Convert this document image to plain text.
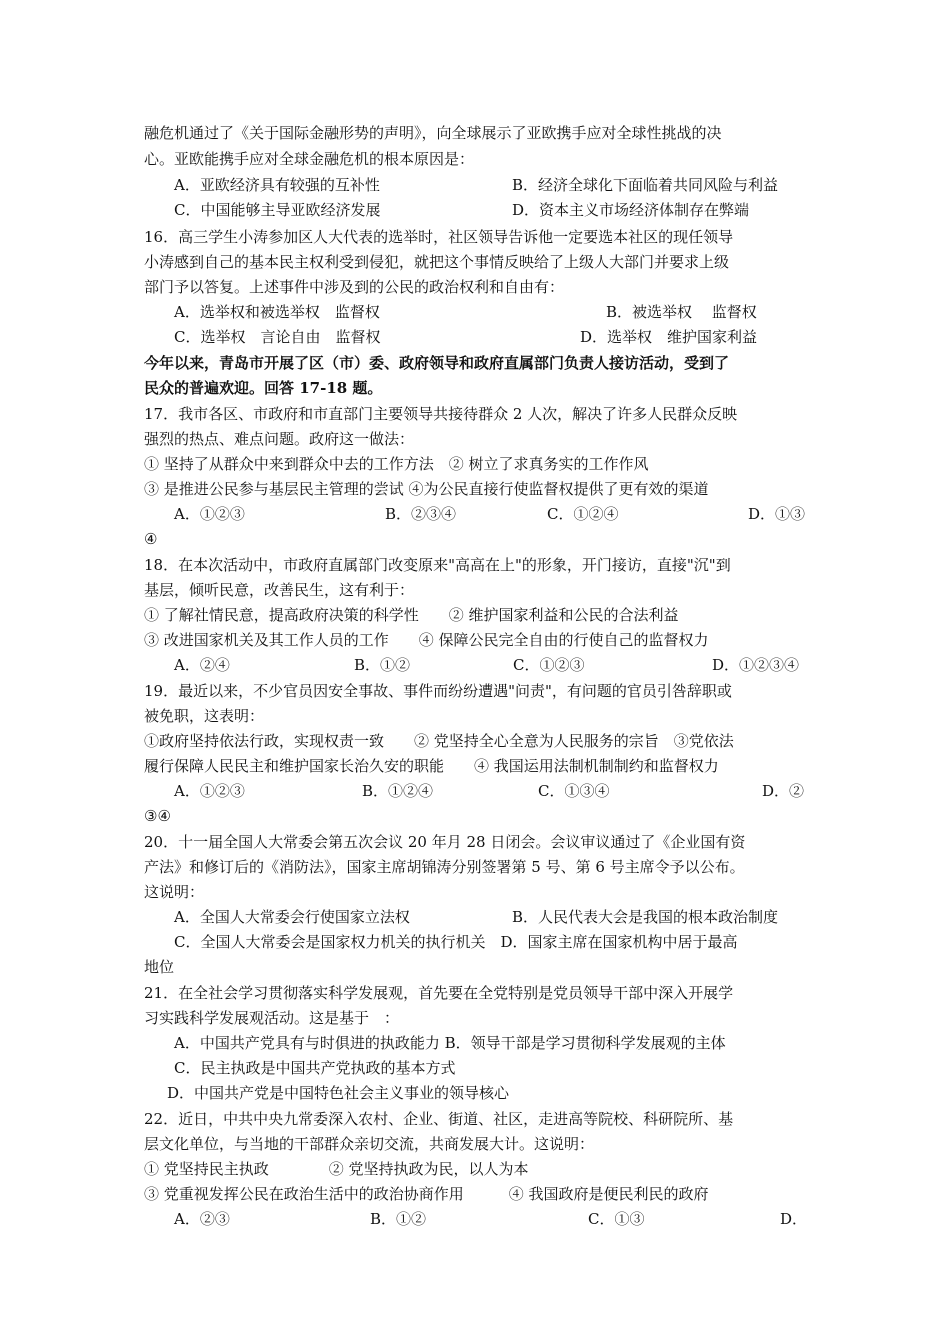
融危机通过了《关于国际金融形势的声明》，向全球展示了亚欧携手应对全球性挑战的决
心。亚欧能携手应对全球金融危机的根本原因是：
A．亚欧经济具有较强的互补性	B．经济全球化下面临着共同风险与利益
C．中国能够主导亚欧经济发展	D．资本主义市场经济体制存在弊端
16．高三学生小涛参加区人大代表的选举时，社区领导告诉他一定要选本社区的现任领导
小涛感到自己的基本民主权利受到侵犯，就把这个事情反映给了上级人大部门并要求上级
部门予以答复。上述事件中涉及到的公民的政治权利和自由有：
A．选举权和被选举权　监督权	B．被选举权　 监督权
C．选举权　言论自由　监督权	D．选举权　维护国家利益
今年以来，青岛市开展了区（市）委、政府领导和政府直属部门负责人接访活动，受到了
民众的普遍欢迎。回答 17-18 题。
17．我市各区、市政府和市直部门主要领导共接待群众 2 人次，解决了许多人民群众反映
强烈的热点、难点问题。政府这一做法：
① 坚持了从群众中来到群众中去的工作方法　② 树立了求真务实的工作作风
③ 是推进公民参与基层民主管理的尝试 ④为公民直接行使监督权提供了更有效的渠道
A．①②③	B．②③④	C．①②④	D．①③
④
18．在本次活动中，市政府直属部门改变原来"高高在上"的形象，开门接访，直接"沉"到
基层，倾听民意，改善民生，这有利于：
① 了解社情民意，提高政府决策的科学性　　② 维护国家利益和公民的合法利益
③ 改进国家机关及其工作人员的工作　　④ 保障公民完全自由的行使自己的监督权力
A．②④	B．①②	C．①②③	D．①②③④
19．最近以来，不少官员因安全事故、事件而纷纷遭遇"问责"，有问题的官员引咎辞职或
被免职，这表明：
①政府坚持依法行政，实现权责一致　　② 党坚持全心全意为人民服务的宗旨　③党依法
履行保障人民民主和维护国家长治久安的职能　　④ 我国运用法制机制制约和监督权力
A．①②③	B．①②④	C．①③④	D．②
③④
20．十一届全国人大常委会第五次会议 20 年月 28 日闭会。会议审议通过了《企业国有资
产法》和修订后的《消防法》，国家主席胡锦涛分别签署第 5 号、第 6 号主席令予以公布。
这说明：
A．全国人大常委会行使国家立法权	B．人民代表大会是我国的根本政治制度
C．全国人大常委会是国家权力机关的执行机关　D．国家主席在国家机构中居于最高
地位
21．在全社会学习贯彻落实科学发展观，首先要在全党特别是党员领导干部中深入开展学
习实践科学发展观活动。这是基于　：
A．中国共产党具有与时俱进的执政能力 B．领导干部是学习贯彻科学发展观的主体
C．民主执政是中国共产党执政的基本方式
D．中国共产党是中国特色社会主义事业的领导核心
22．近日，中共中央九常委深入农村、企业、街道、社区，走进高等院校、科研院所、基
层文化单位，与当地的干部群众亲切交流，共商发展大计。这说明：
① 党坚持民主执政　　　　② 党坚持执政为民，以人为本
③ 党重视发挥公民在政治生活中的政治协商作用　　　④ 我国政府是便民利民的政府
A．②③	B．①②	C．①③	D．
